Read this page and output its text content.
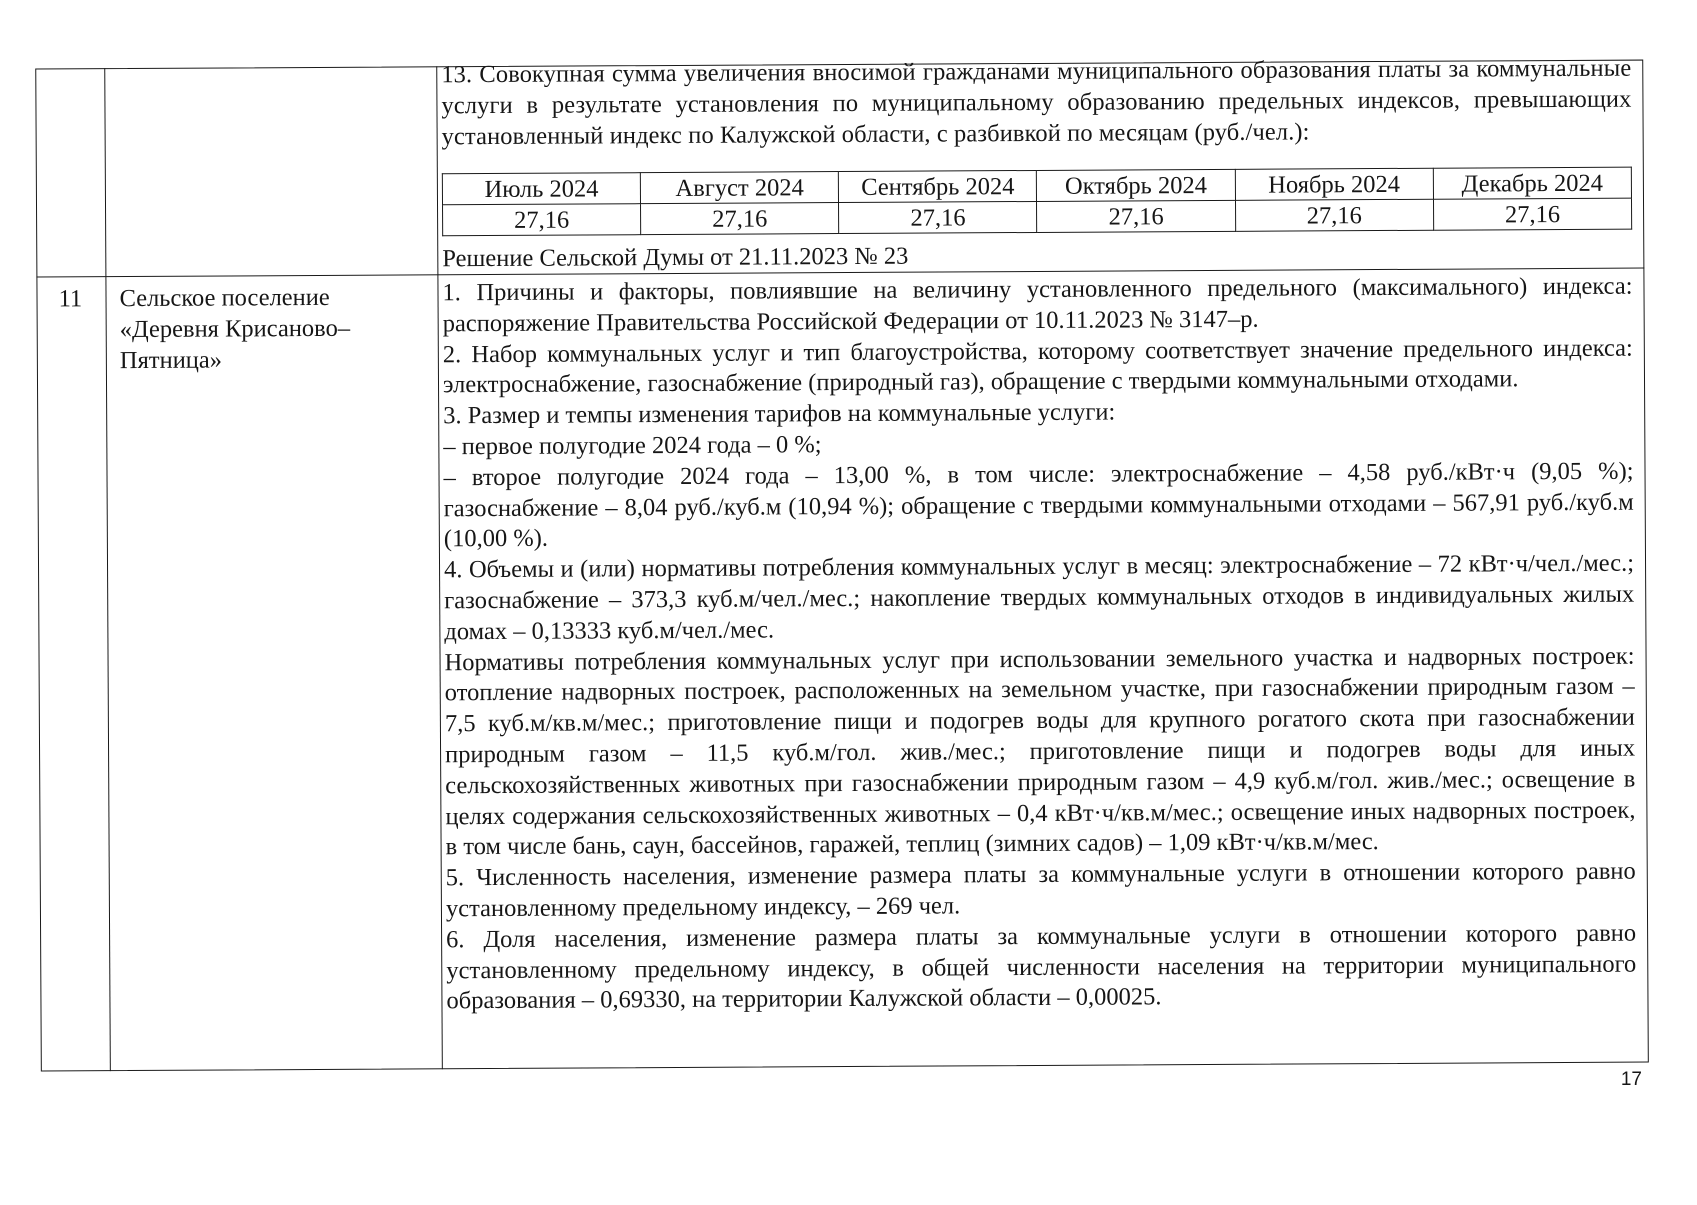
13. Совокупная сумма увеличения вносимой гражданами муниципального образования платы за коммунальные услуги в результате установления по муниципальному образованию предельных индексов, превышающих установленный индекс по Калужской области, с разбивкой по месяцам (руб./чел.):
Июль 2024	Август 2024	Сентябрь 2024	Октябрь 2024	Ноябрь 2024	Декабрь 2024
27,16	27,16	27,16	27,16	27,16	27,16
Решение Сельской Думы от 21.11.2023 № 23
11 Сельское поселение
«Деревня Крисаново–
Пятница»
1. Причины и факторы, повлиявшие на величину установленного предельного (максимального) индекса: распоряжение Правительства Российской Федерации от 10.11.2023 № 3147–р.
2. Набор коммунальных услуг и тип благоустройства, которому соответствует значение предельного индекса: электроснабжение, газоснабжение (природный газ), обращение с твердыми коммунальными отходами.
3. Размер и темпы изменения тарифов на коммунальные услуги:
– первое полугодие 2024 года – 0 %;
– второе полугодие 2024 года – 13,00 %, в том числе: электроснабжение – 4,58 руб./кВт·ч (9,05 %); газоснабжение – 8,04 руб./куб.м (10,94 %); обращение с твердыми коммунальными отходами – 567,91 руб./куб.м (10,00 %).
4. Объемы и (или) нормативы потребления коммунальных услуг в месяц: электроснабжение – 72 кВт·ч/чел./мес.; газоснабжение – 373,3 куб.м/чел./мес.; накопление твердых коммунальных отходов в индивидуальных жилых домах – 0,13333 куб.м/чел./мес.
Нормативы потребления коммунальных услуг при использовании земельного участка и надворных построек: отопление надворных построек, расположенных на земельном участке, при газоснабжении природным газом – 7,5 куб.м/кв.м/мес.; приготовление пищи и подогрев воды для крупного рогатого скота при газоснабжении природным газом – 11,5 куб.м/гол. жив./мес.; приготовление пищи и подогрев воды для иных сельскохозяйственных животных при газоснабжении природным газом – 4,9 куб.м/гол. жив./мес.; освещение в целях содержания сельскохозяйственных животных – 0,4 кВт·ч/кв.м/мес.; освещение иных надворных построек, в том числе бань, саун, бассейнов, гаражей, теплиц (зимних садов) – 1,09 кВт·ч/кв.м/мес.
5. Численность населения, изменение размера платы за коммунальные услуги в отношении которого равно установленному предельному индексу, – 269 чел.
6. Доля населения, изменение размера платы за коммунальные услуги в отношении которого равно установленному предельному индексу, в общей численности населения на территории муниципального образования – 0,69330, на территории Калужской области – 0,00025.
17
